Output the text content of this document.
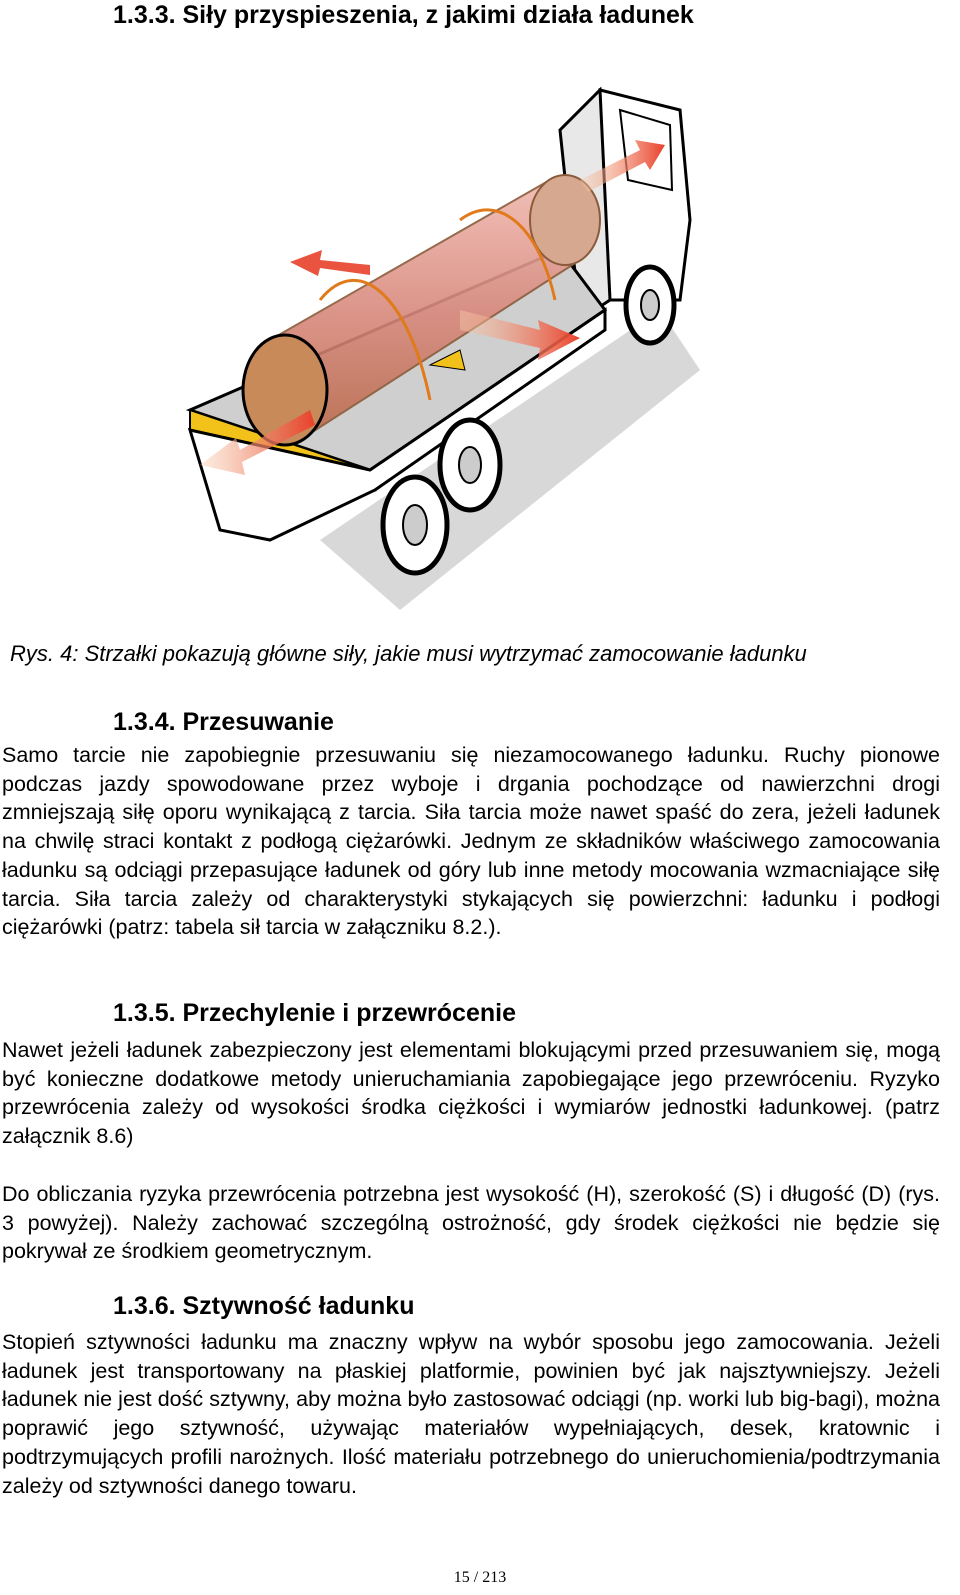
1.3.3. Siły przyspieszenia, z jakimi działa ładunek
Rys. 4: Strzałki pokazują główne siły, jakie musi wytrzymać zamocowanie ładunku
1.3.4. Przesuwanie
Samo tarcie nie zapobiegnie przesuwaniu się niezamocowanego ładunku. Ruchy pionowe podczas jazdy spowodowane przez wyboje i drgania pochodzące od nawierzchni drogi zmniejszają siłę oporu wynikającą z tarcia. Siła tarcia może nawet spaść do zera, jeżeli ładunek na chwilę straci kontakt z podłogą ciężarówki. Jednym ze składników właściwego zamocowania ładunku są odciągi przepasujące ładunek od góry lub inne metody mocowania wzmacniające siłę tarcia. Siła tarcia zależy od charakterystyki stykających się powierzchni: ładunku i podłogi ciężarówki (patrz: tabela sił tarcia w załączniku 8.2.).
1.3.5. Przechylenie i przewrócenie
Nawet jeżeli ładunek zabezpieczony jest elementami blokującymi przed przesuwaniem się, mogą być konieczne dodatkowe metody unieruchamiania zapobiegające jego przewróceniu. Ryzyko przewrócenia zależy od wysokości środka ciężkości i wymiarów jednostki ładunkowej. (patrz załącznik 8.6)
Do obliczania ryzyka przewrócenia potrzebna jest wysokość (H), szerokość (S) i długość (D) (rys. 3 powyżej). Należy zachować szczególną ostrożność, gdy środek ciężkości nie będzie się pokrywał ze środkiem geometrycznym.
1.3.6. Sztywność ładunku
Stopień sztywności ładunku ma znaczny wpływ na wybór sposobu jego zamocowania. Jeżeli ładunek jest transportowany na płaskiej platformie, powinien być jak najsztywniejszy. Jeżeli ładunek nie jest dość sztywny, aby można było zastosować odciągi (np. worki lub big-bagi), można poprawić jego sztywność, używając materiałów wypełniających, desek, kratownic i podtrzymujących profili narożnych. Ilość materiału potrzebnego do unieruchomienia/podtrzymania zależy od sztywności danego towaru.
15 / 213
